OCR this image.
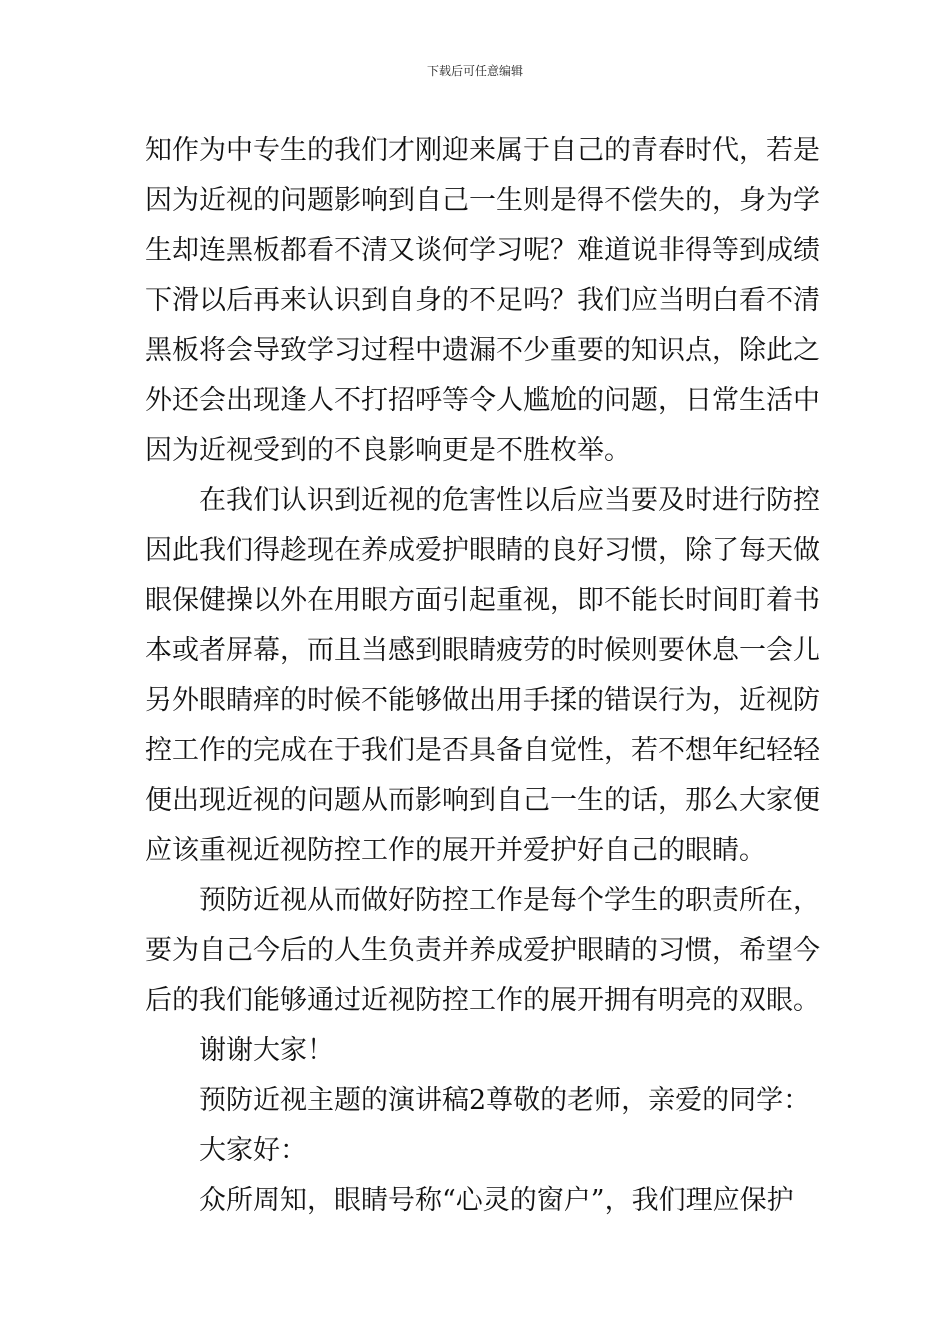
下载后可任意编辑
知作为中专生的我们才刚迎来属于自己的青春时代，若是
因为近视的问题影响到自己一生则是得不偿失的，身为学
生却连黑板都看不清又谈何学习呢？难道说非得等到成绩
下滑以后再来认识到自身的不足吗？我们应当明白看不清
黑板将会导致学习过程中遗漏不少重要的知识点，除此之
外还会出现逢人不打招呼等令人尴尬的问题，日常生活中
因为近视受到的不良影响更是不胜枚举。
在我们认识到近视的危害性以后应当要及时进行防控
因此我们得趁现在养成爱护眼睛的良好习惯，除了每天做
眼保健操以外在用眼方面引起重视，即不能长时间盯着书
本或者屏幕，而且当感到眼睛疲劳的时候则要休息一会儿
另外眼睛痒的时候不能够做出用手揉的错误行为，近视防
控工作的完成在于我们是否具备自觉性，若不想年纪轻轻
便出现近视的问题从而影响到自己一生的话，那么大家便
应该重视近视防控工作的展开并爱护好自己的眼睛。
预防近视从而做好防控工作是每个学生的职责所在，
要为自己今后的人生负责并养成爱护眼睛的习惯，希望今
后的我们能够通过近视防控工作的展开拥有明亮的双眼。
谢谢大家！
预防近视主题的演讲稿2尊敬的老师，亲爱的同学：
大家好：
众所周知，眼睛号称“心灵的窗户”，我们理应保护
